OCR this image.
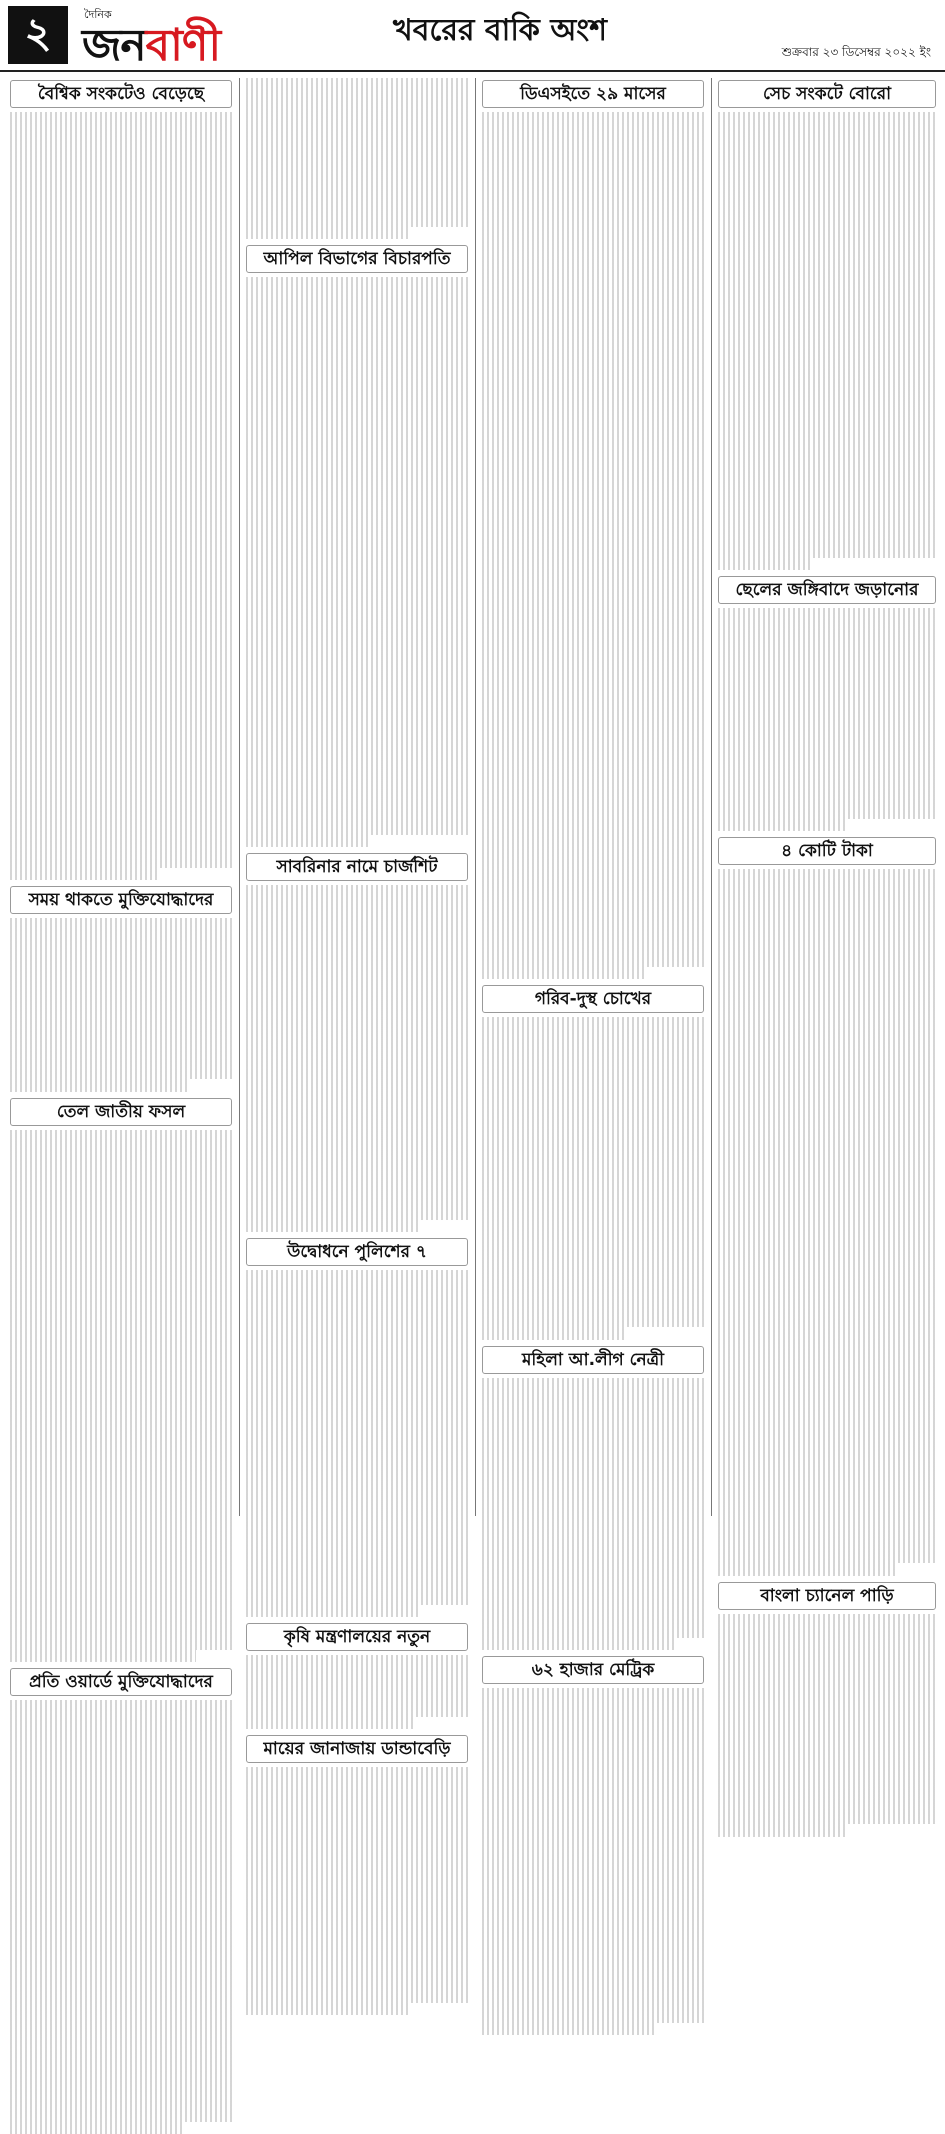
২	দৈনিক
জনবাণী	খবরের বাকি অংশ
শুক্রবার ২৩ ডিসেম্বর ২০২২ ইং
বৈশ্বিক সংকটেও বেড়েছে
সময় থাকতে মুক্তিযোদ্ধাদের
তেল জাতীয় ফসল
প্রতি ওয়ার্ডে মুক্তিযোদ্ধাদের
আপিল বিভাগের বিচারপতি
সাবরিনার নামে চার্জশিট
উদ্বোধনে পুলিশের ৭
কৃষি মন্ত্রণালয়ের নতুন
মায়ের জানাজায় ডান্ডাবেড়ি
ডিএসইতে ২৯ মাসের
গরিব-দুস্থ চোখের
মহিলা আ.লীগ নেত্রী
৬২ হাজার মেট্রিক
সেচ সংকটে বোরো
ছেলের জঙ্গিবাদে জড়ানোর
৪ কোটি টাকা
বাংলা চ্যানেল পাড়ি
